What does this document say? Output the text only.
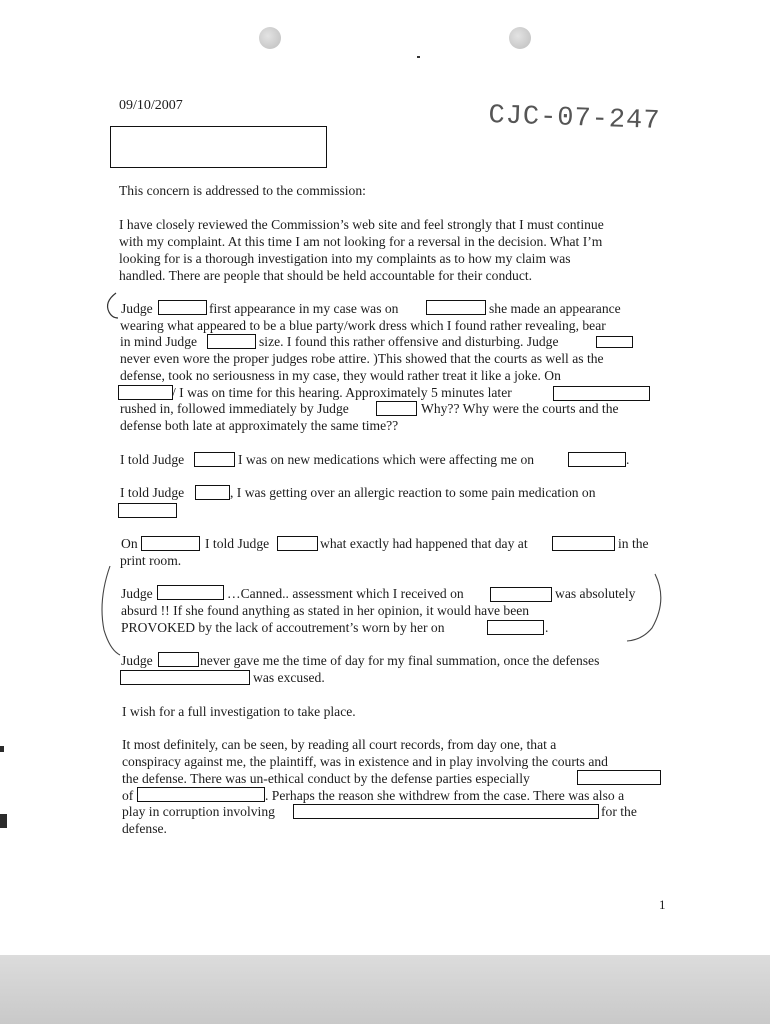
09/10/2007	CJC-07-247
This concern is addressed to the commission:
I have closely reviewed the Commission’s web site and feel strongly that I must continue
with my complaint. At this time I am not looking for a reversal in the decision. What I’m
looking for is a thorough investigation into my complaints as to how my claim was
handled. There are people that should be held accountable for their conduct.
Judge	first appearance in my case was on	she made an appearance
wearing what appeared to be a blue party/work dress which I found rather revealing, bear
in mind Judge	size. I found this rather offensive and disturbing. Judge
never even wore the proper judges robe attire. )This showed that the courts as well as the
defense, took no seriousness in my case, they would rather treat it like a joke. On
/ I was on time for this hearing. Approximately 5 minutes later
rushed in, followed immediately by Judge	Why?? Why were the courts and the
defense both late at approximately the same time??
I told Judge	I was on new medications which were affecting me on	.
I told Judge	, I was getting over an allergic reaction to some pain medication on
On	I told Judge	what exactly had happened that day at	in the
print room.
Judge	…Canned.. assessment which I received on	was absolutely
absurd !! If she found anything as stated in her opinion, it would have been
PROVOKED by the lack of accoutrement’s worn by her on	.
Judge	never gave me the time of day for my final summation, once the defenses
was excused.
I wish for a full investigation to take place.
It most definitely, can be seen, by reading all court records, from day one, that a
conspiracy against me, the plaintiff, was in existence and in play involving the courts and
the defense. There was un-ethical conduct by the defense parties especially
of	. Perhaps the reason she withdrew from the case. There was also a
play in corruption involving	for the
defense.
1
